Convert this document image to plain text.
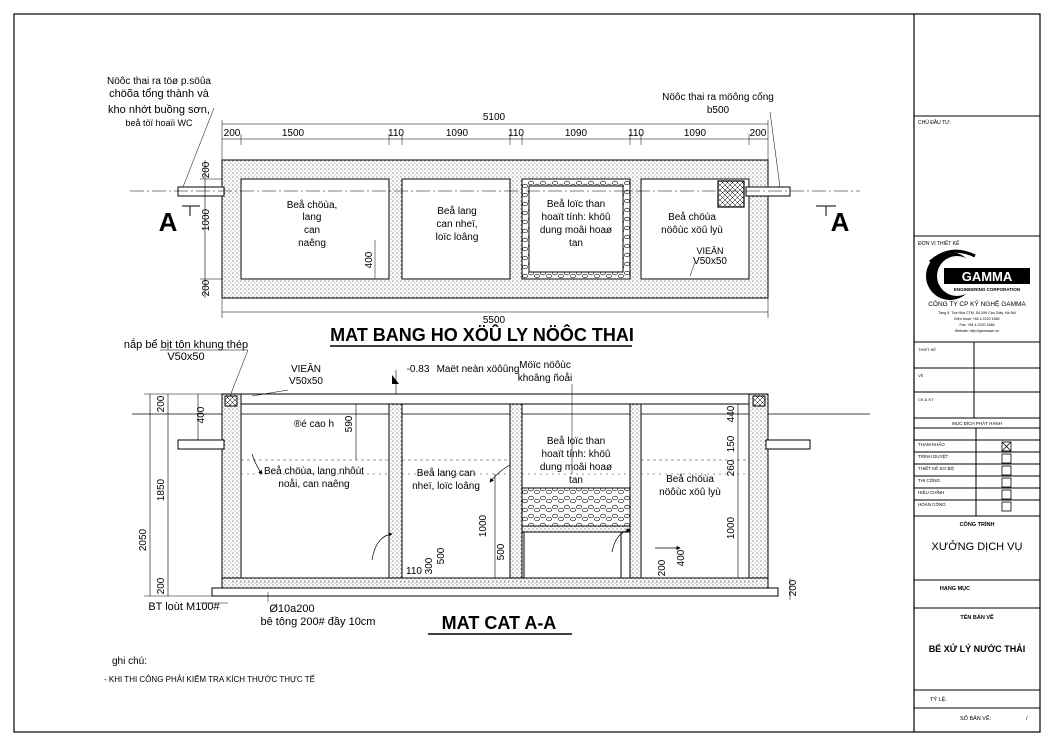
Nöôc thai ra töø p.söûa
chöõa tổng thành và
kho nhớt buồng sơn,
beå töï hoaïi WC
Nöôc thai ra möông cống
b500
5100
200	1500	110	1090	110	1090	110	1090	200
5500
200
1000
200
400
Beå chöùa,
lang
can
naêng
Beå lang
can nheï,
loïc loâng
Beå loïc than
hoaït tính: khöû
dung moâi hoaø
tan
Beå chöùa
nöôùc xöû lyù
VIEÂN
V50x50
A	A
MAT BANG HO XÖÛ LY NÖÔC THAI
nắp bể bịt tôn khung thép
V50x50
VIEÂN
V50x50
-0.83 Maët neàn xöôûng Möïc nöôùc
khoâng ñoåi
®é cao h
Beå chöùa, lang nhôùt
noåi, can naêng
Beå lang can
nheï, loïc loâng
Beå loïc than
hoaït tính: khöû
dung moâi hoaø
tan	Beå chöùa
nöôùc xöû lyù
200
400
590
1850
2050
200
500
300
110
1000
500
150
260
440
1000
400
200
200
BT loùt M100#	Ø10a200
bê tông 200# đầy 10cm	MAT CAT A-A
ghi chú:
- KHI THI CÔNG PHẢI KIỂM TRA KÍCH THƯỚC THỰC TẾ
GAMMA
ENGINEERING CORPORATION
CHỦ ĐẦU TƯ:
ĐƠN VỊ THIẾT KẾ
CÔNG TY CP KỸ NGHỆ GAMMA
Tầng 5, Tòa Nhà CTM, Số 299 Cầu Giấy, Hà Nội
Điện thoại: +84 4 2220 1680
Fax: +84 4 2220 1688
Website: http://gammavn.vn
THIẾT KẾ
VẼ
CK & KT
MỤC ĐÍCH PHÁT HÀNH
THAM KHẢO
TRÌNH DUYỆT
THIẾT KẾ SƠ BỘ
THI CÔNG
HIỆU CHỈNH
HOÀN CÔNG
CÔNG TRÌNH
XƯỞNG DỊCH VỤ
HẠNG MỤC
TÊN BẢN VẼ
BỂ XỬ LÝ NƯỚC THẢI
TỶ LỆ:
SỐ BẢN VẼ:	/
